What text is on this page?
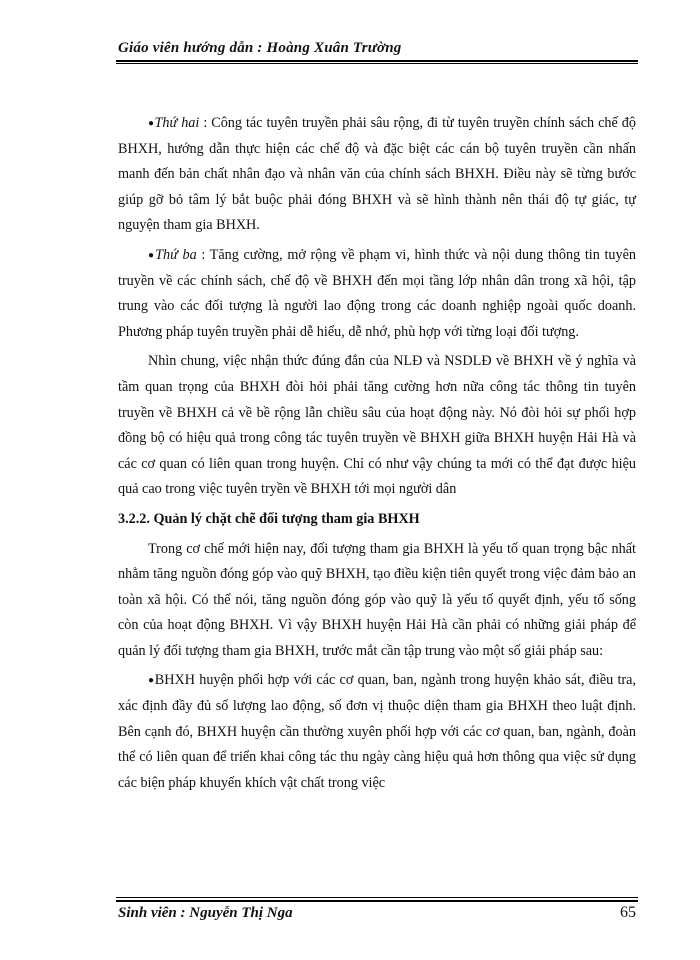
Giáo viên hướng dẫn : Hoàng Xuân Trường

●Thứ hai : Công tác tuyên truyền phải sâu rộng, đi từ tuyên truyền chính sách chế độ BHXH, hướng dẫn thực hiện các chế độ và đặc biệt các cán bộ tuyên truyền cần nhấn manh đến bản chất nhân đạo và nhân văn của chính sách BHXH. Điều này sẽ từng bước giúp gỡ bỏ tâm lý bắt buộc phải đóng BHXH và sẽ hình thành nên thái độ tự giác, tự nguyện tham gia BHXH.

●Thứ ba : Tăng cường, mở rộng về phạm vi, hình thức và nội dung thông tin tuyên truyền về các chính sách, chế độ về BHXH đến mọi tầng lớp nhân dân trong xã hội, tập trung vào các đối tượng là người lao động trong các doanh nghiệp ngoài quốc doanh. Phương pháp tuyên truyền phải dễ hiểu, dễ nhớ, phù hợp với từng loại đối tượng.

Nhìn chung, việc nhận thức đúng đắn của NLĐ và NSDLĐ về BHXH về ý nghĩa và tầm quan trọng của BHXH đòi hỏi phải tăng cường hơn nữa công tác thông tin tuyên truyền về BHXH cả về bề rộng lẫn chiều sâu của hoạt động này. Nó đòi hỏi sự phối hợp đồng bộ có hiệu quả trong công tác tuyên truyền về BHXH giữa BHXH huyện Hải Hà và các cơ quan có liên quan trong huyện. Chỉ có như vậy chúng ta mới có thể đạt được hiệu quả cao trong việc tuyên tryền về BHXH tới mọi người dân

3.2.2. Quản lý chặt chẽ đối tượng tham gia BHXH

Trong cơ chế mới hiện nay, đối tượng tham gia BHXH là yếu tố quan trọng bậc nhất nhằm tăng nguồn đóng góp vào quỹ BHXH, tạo điều kiện tiên quyết trong việc đảm bảo an toàn xã hội. Có thể nói, tăng nguồn đóng góp vào quỹ là yếu tố quyết định, yếu tố sống còn của hoạt động BHXH. Vì vậy BHXH huyện Hải Hà cần phải có những giải pháp để quản lý đối tượng tham gia BHXH, trước mắt cần tập trung vào một số giải pháp sau:

●BHXH huyện phối hợp với các cơ quan, ban, ngành trong huyện khảo sát, điều tra, xác định đầy đủ số lượng lao động, số đơn vị thuộc diện tham gia BHXH theo luật định. Bên cạnh đó, BHXH huyện cần thường xuyên phối hợp với các cơ quan, ban, ngành, đoàn thể có liên quan để triển khai công tác thu ngày càng hiệu quả hơn thông qua việc sử dụng các biện pháp khuyến khích vật chất trong việc

Sinh viên : Nguyễn Thị Nga	65
